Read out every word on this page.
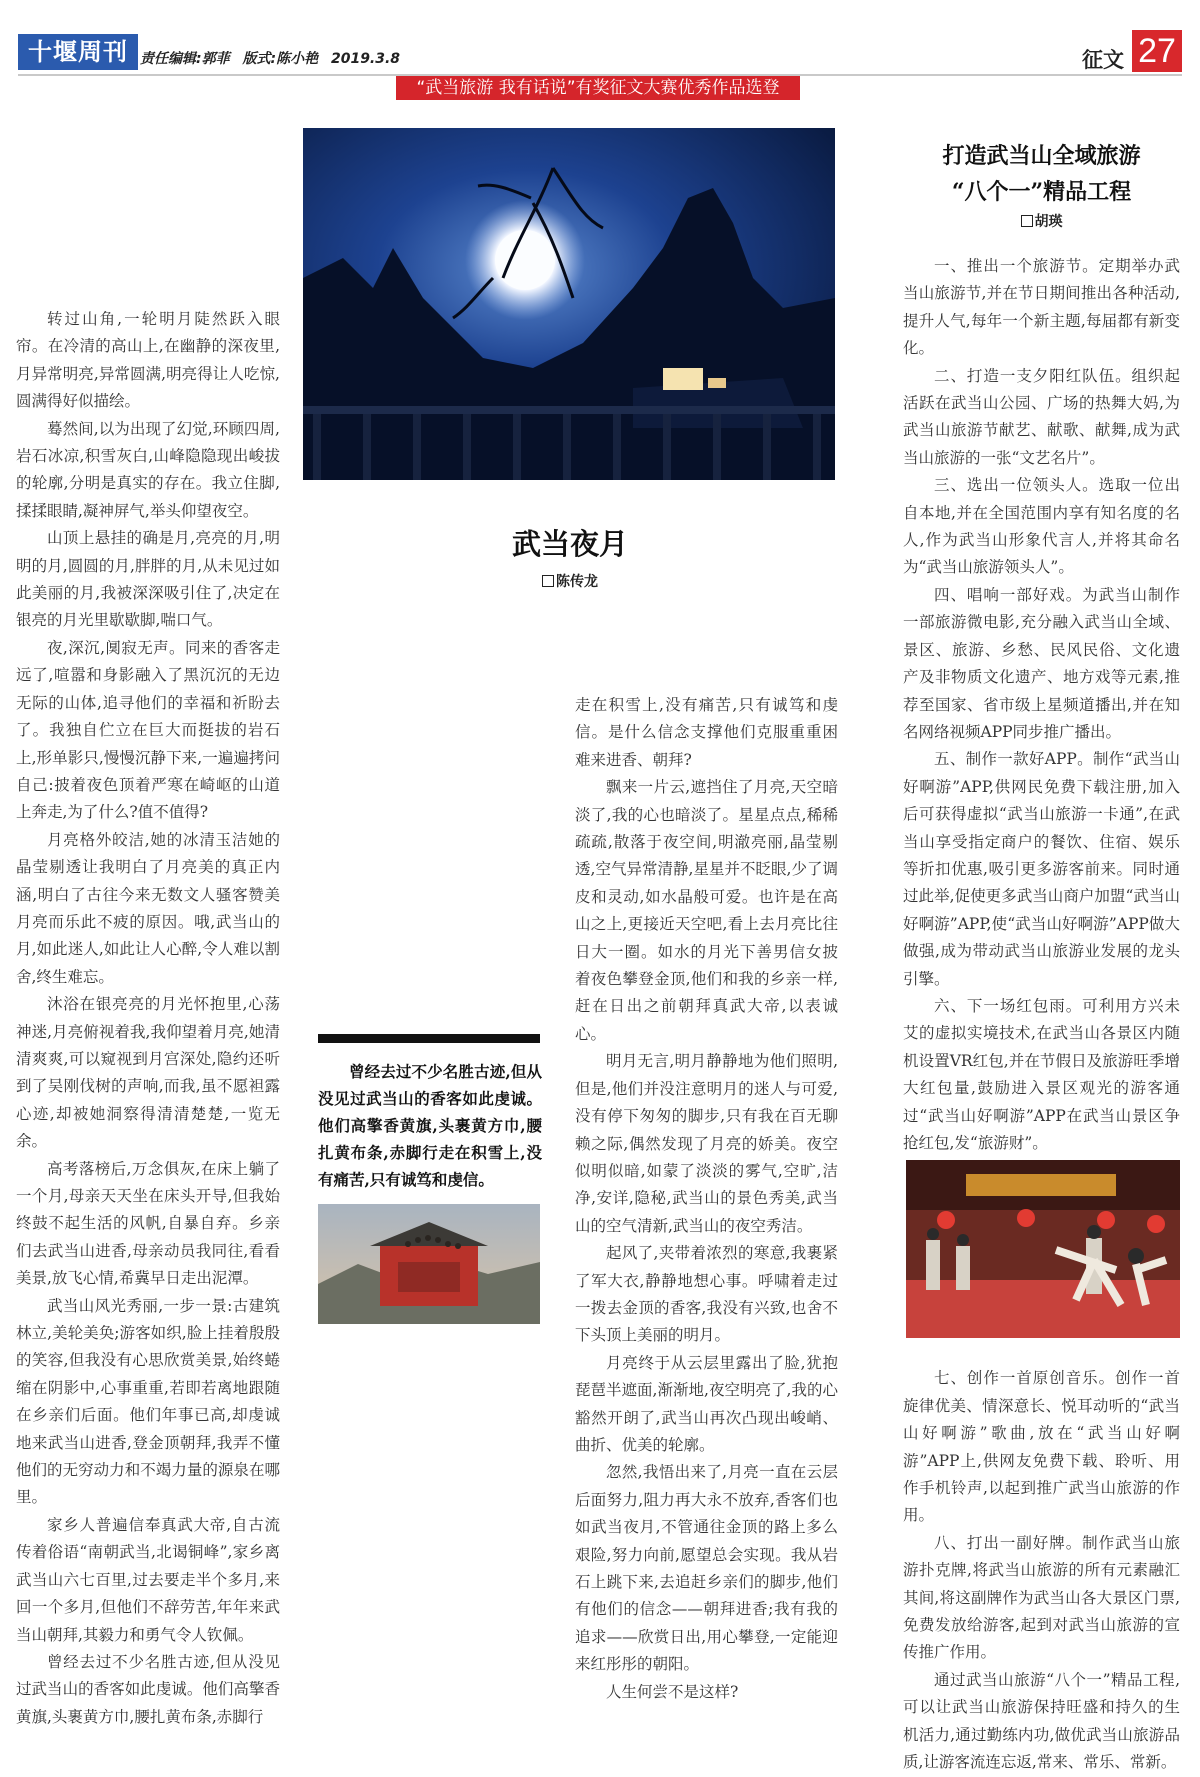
十堰周刊 责任编辑:郭菲 版式:陈小艳 2019.3.8	征文 27
“武当旅游 我有话说”有奖征文大赛优秀作品选登
武当夜月
陈传龙
打造武当山全域旅游
“八个一”精品工程
胡瑛

转过山角,一轮明月陡然跃入眼帘。在冷清的高山上,在幽静的深夜里,月异常明亮,异常圆满,明亮得让人吃惊,圆满得好似描绘。

蓦然间,以为出现了幻觉,环顾四周,岩石冰凉,积雪灰白,山峰隐隐现出峻拔的轮廓,分明是真实的存在。我立住脚,揉揉眼睛,凝神屏气,举头仰望夜空。

山顶上悬挂的确是月,亮亮的月,明明的月,圆圆的月,胖胖的月,从未见过如此美丽的月,我被深深吸引住了,决定在银亮的月光里歇歇脚,喘口气。

夜,深沉,阒寂无声。同来的香客走远了,喧嚣和身影融入了黑沉沉的无边无际的山体,追寻他们的幸福和祈盼去了。我独自伫立在巨大而挺拔的岩石上,形单影只,慢慢沉静下来,一遍遍拷问自己:披着夜色顶着严寒在崎岖的山道上奔走,为了什么?值不值得?

月亮格外皎洁,她的冰清玉洁她的晶莹剔透让我明白了月亮美的真正内涵,明白了古往今来无数文人骚客赞美月亮而乐此不疲的原因。哦,武当山的月,如此迷人,如此让人心醉,令人难以割舍,终生难忘。

沐浴在银亮亮的月光怀抱里,心荡神迷,月亮俯视着我,我仰望着月亮,她清清爽爽,可以窥视到月宫深处,隐约还听到了吴刚伐树的声响,而我,虽不愿袒露心迹,却被她洞察得清清楚楚,一览无余。

高考落榜后,万念俱灰,在床上躺了一个月,母亲天天坐在床头开导,但我始终鼓不起生活的风帆,自暴自弃。乡亲们去武当山进香,母亲动员我同往,看看美景,放飞心情,希冀早日走出泥潭。

武当山风光秀丽,一步一景:古建筑林立,美轮美奂;游客如织,脸上挂着殷殷的笑容,但我没有心思欣赏美景,始终蜷缩在阴影中,心事重重,若即若离地跟随在乡亲们后面。他们年事已高,却虔诚地来武当山进香,登金顶朝拜,我弄不懂他们的无穷动力和不竭力量的源泉在哪里。

家乡人普遍信奉真武大帝,自古流传着俗语“南朝武当,北谒铜峰”,家乡离武当山六七百里,过去要走半个多月,来回一个多月,但他们不辞劳苦,年年来武当山朝拜,其毅力和勇气令人钦佩。

曾经去过不少名胜古迹,但从没见过武当山的香客如此虔诚。他们高擎香黄旗,头裹黄方巾,腰扎黄布条,赤脚行

曾经去过不少名胜古迹,但从没见过武当山的香客如此虔诚。他们高擎香黄旗,头裹黄方巾,腰扎黄布条,赤脚行走在积雪上,没有痛苦,只有诚笃和虔信。

走在积雪上,没有痛苦,只有诚笃和虔信。是什么信念支撑他们克服重重困难来进香、朝拜?

飘来一片云,遮挡住了月亮,天空暗淡了,我的心也暗淡了。星星点点,稀稀疏疏,散落于夜空间,明澈亮丽,晶莹剔透,空气异常清静,星星并不眨眼,少了调皮和灵动,如水晶般可爱。也许是在高山之上,更接近天空吧,看上去月亮比往日大一圈。如水的月光下善男信女披着夜色攀登金顶,他们和我的乡亲一样,赶在日出之前朝拜真武大帝,以表诚心。

明月无言,明月静静地为他们照明,但是,他们并没注意明月的迷人与可爱,没有停下匆匆的脚步,只有我在百无聊赖之际,偶然发现了月亮的娇美。夜空似明似暗,如蒙了淡淡的雾气,空旷,洁净,安详,隐秘,武当山的景色秀美,武当山的空气清新,武当山的夜空秀洁。

起风了,夹带着浓烈的寒意,我裹紧了军大衣,静静地想心事。呼啸着走过一拨去金顶的香客,我没有兴致,也舍不下头顶上美丽的明月。

月亮终于从云层里露出了脸,犹抱琵琶半遮面,渐渐地,夜空明亮了,我的心豁然开朗了,武当山再次凸现出峻峭、曲折、优美的轮廓。

忽然,我悟出来了,月亮一直在云层后面努力,阻力再大永不放弃,香客们也如武当夜月,不管通往金顶的路上多么艰险,努力向前,愿望总会实现。我从岩石上跳下来,去追赶乡亲们的脚步,他们有他们的信念——朝拜进香;我有我的追求——欣赏日出,用心攀登,一定能迎来红彤彤的朝阳。

人生何尝不是这样?

一、推出一个旅游节。定期举办武当山旅游节,并在节日期间推出各种活动,提升人气,每年一个新主题,每届都有新变化。

二、打造一支夕阳红队伍。组织起活跃在武当山公园、广场的热舞大妈,为武当山旅游节献艺、献歌、献舞,成为武当山旅游的一张“文艺名片”。

三、选出一位领头人。选取一位出自本地,并在全国范围内享有知名度的名人,作为武当山形象代言人,并将其命名为“武当山旅游领头人”。

四、唱响一部好戏。为武当山制作一部旅游微电影,充分融入武当山全域、景区、旅游、乡愁、民风民俗、文化遗产及非物质文化遗产、地方戏等元素,推荐至国家、省市级上星频道播出,并在知名网络视频APP同步推广播出。

五、制作一款好APP。制作“武当山好啊游”APP,供网民免费下载注册,加入后可获得虚拟“武当山旅游一卡通”,在武当山享受指定商户的餐饮、住宿、娱乐等折扣优惠,吸引更多游客前来。同时通过此举,促使更多武当山商户加盟“武当山好啊游”APP,使“武当山好啊游”APP做大做强,成为带动武当山旅游业发展的龙头引擎。

六、下一场红包雨。可利用方兴未艾的虚拟实境技术,在武当山各景区内随机设置VR红包,并在节假日及旅游旺季增大红包量,鼓励进入景区观光的游客通过“武当山好啊游”APP在武当山景区争抢红包,发“旅游财”。

七、创作一首原创音乐。创作一首旋律优美、情深意长、悦耳动听的“武当山好啊游”歌曲,放在“武当山好啊游”APP上,供网友免费下载、聆听、用作手机铃声,以起到推广武当山旅游的作用。

八、打出一副好牌。制作武当山旅游扑克牌,将武当山旅游的所有元素融汇其间,将这副牌作为武当山各大景区门票,免费发放给游客,起到对武当山旅游的宣传推广作用。

通过武当山旅游“八个一”精品工程,可以让武当山旅游保持旺盛和持久的生机活力,通过勤练内功,做优武当山旅游品质,让游客流连忘返,常来、常乐、常新。
